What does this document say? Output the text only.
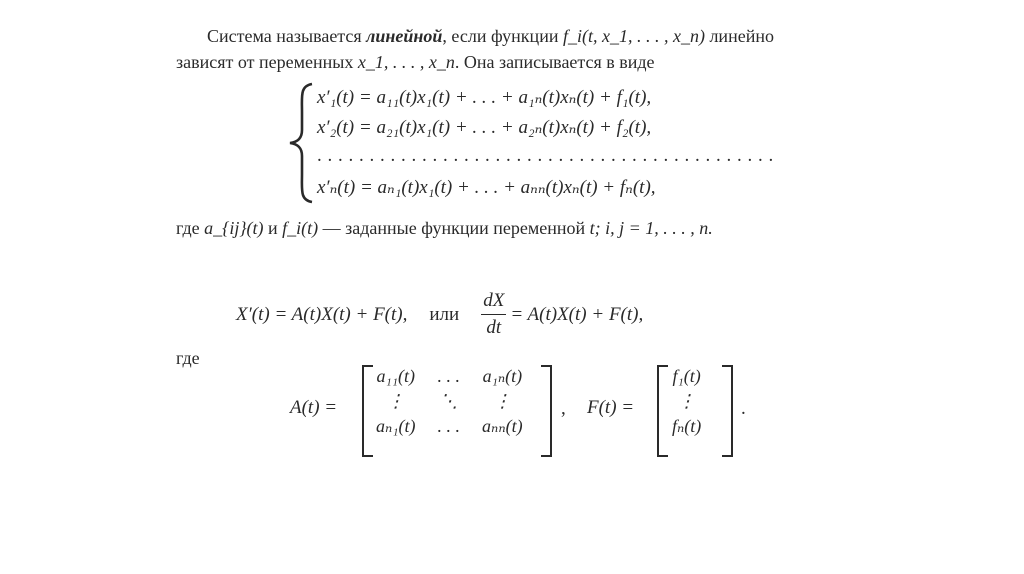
Система называется линейной, если функции f_i(t, x_1, . . . , x_n) линейно
зависят от переменных x_1, . . . , x_n. Она записывается в виде
x′₁(t) = a₁₁(t)x₁(t) + . . . + a₁ₙ(t)xₙ(t) + f₁(t),
x′₂(t) = a₂₁(t)x₁(t) + . . . + a₂ₙ(t)xₙ(t) + f₂(t),
. . . . . . . . . . . . . . . . . . . . . . . . . . . . . . . . . . . . . . . . . . . .
x′ₙ(t) = aₙ₁(t)x₁(t) + . . . + aₙₙ(t)xₙ(t) + fₙ(t),
где a_{ij}(t) и f_i(t) — заданные функции переменной t; i, j = 1, . . . , n.
X′(t) = A(t)X(t) + F(t), или $\frac{dX}{dt} = A(t)X(t) + F(t)$,
где
A(t) =
a₁₁(t) . . . a₁ₙ(t)
⋮ ⋱ ⋮
aₙ₁(t) . . . aₙₙ(t)
, F(t) =
f₁(t)
⋮
fₙ(t)
.
